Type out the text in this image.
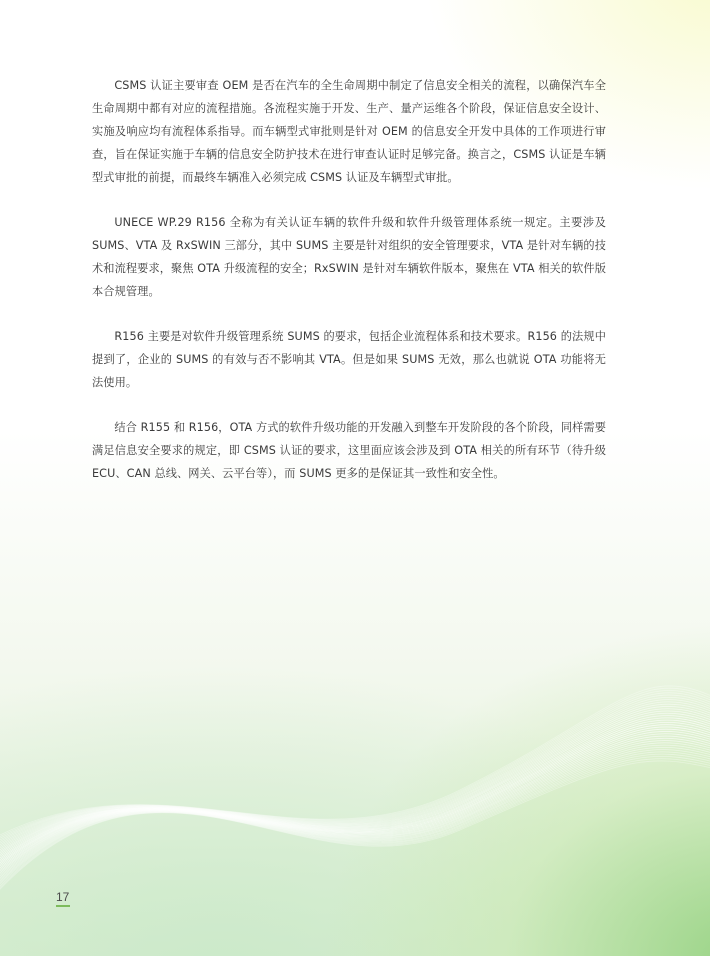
CSMS 认证主要审查 OEM 是否在汽车的全生命周期中制定了信息安全相关的流程，以确保汽车全生命周期中都有对应的流程措施。各流程实施于开发、生产、量产运维各个阶段，保证信息安全设计、实施及响应均有流程体系指导。而车辆型式审批则是针对 OEM 的信息安全开发中具体的工作项进行审查，旨在保证实施于车辆的信息安全防护技术在进行审查认证时足够完备。换言之，CSMS 认证是车辆型式审批的前提，而最终车辆准入必须完成 CSMS 认证及车辆型式审批。

UNECE WP.29 R156 全称为有关认证车辆的软件升级和软件升级管理体系统一规定。主要涉及 SUMS、VTA 及 RxSWIN 三部分，其中 SUMS 主要是针对组织的安全管理要求，VTA 是针对车辆的技术和流程要求，聚焦 OTA 升级流程的安全；RxSWIN 是针对车辆软件版本，聚焦在 VTA 相关的软件版本合规管理。

R156 主要是对软件升级管理系统 SUMS 的要求，包括企业流程体系和技术要求。R156 的法规中提到了，企业的 SUMS 的有效与否不影响其 VTA。但是如果 SUMS 无效，那么也就说 OTA 功能将无法使用。

结合 R155 和 R156，OTA 方式的软件升级功能的开发融入到整车开发阶段的各个阶段，同样需要满足信息安全要求的规定，即 CSMS 认证的要求，这里面应该会涉及到 OTA 相关的所有环节（待升级 ECU、CAN 总线、网关、云平台等），而 SUMS 更多的是保证其一致性和安全性。

17
